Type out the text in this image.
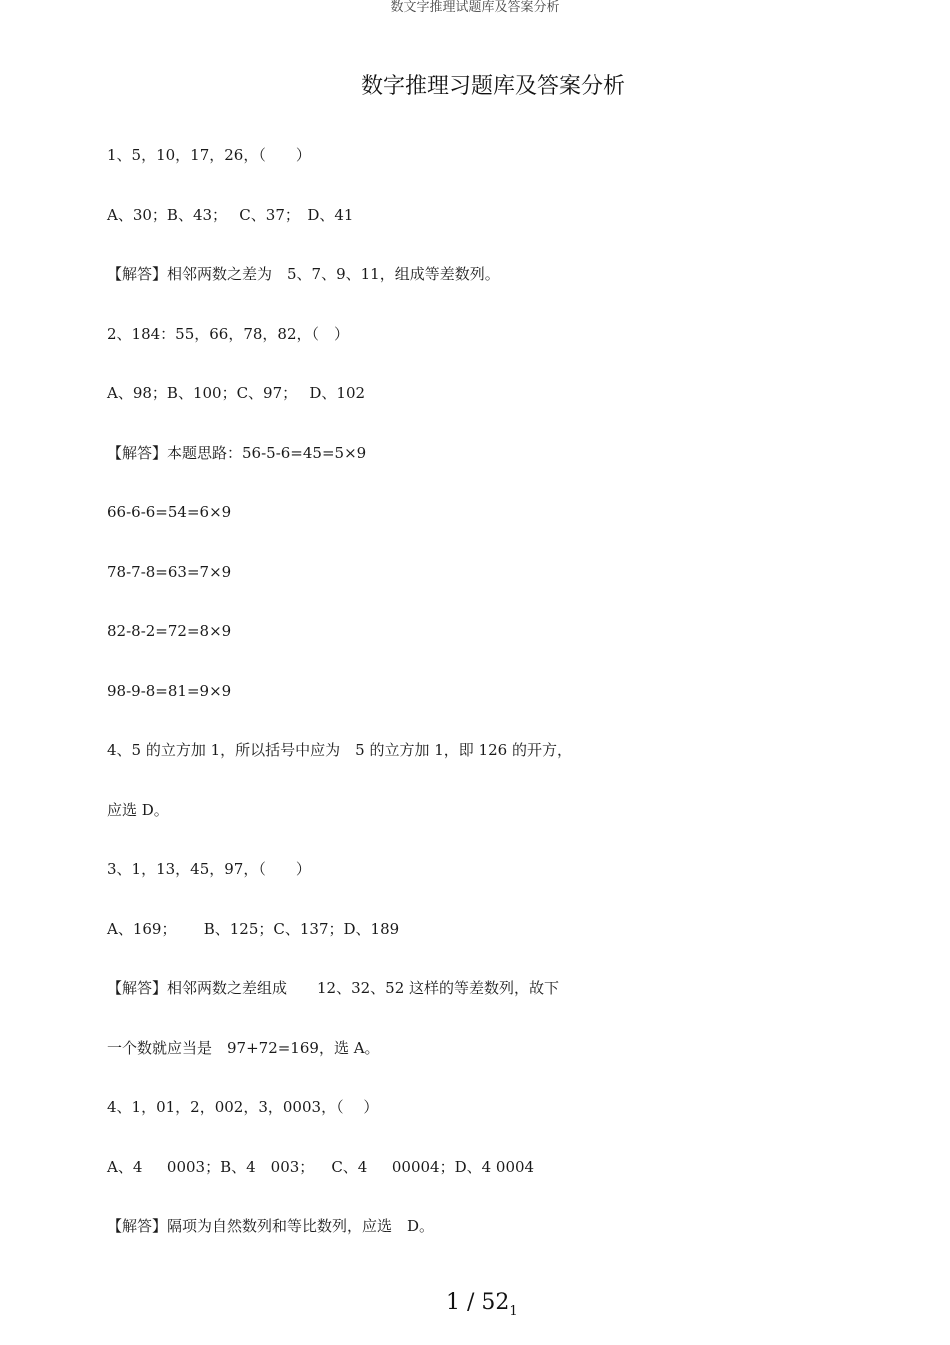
数文字推理试题库及答案分析
数字推理习题库及答案分析
1、5，10，17，26，（　　）
A、30；B、43；　 C、37；　D、41
【解答】相邻两数之差为　5、7、9、11，组成等差数列。
2、184：55，66，78，82，（　）
A、98；B、100；C、97；　 D、102
【解答】本题思路：56-5-6=45=5×9
66-6-6=54=6×9
78-7-8=63=7×9
82-8-2=72=8×9
98-9-8=81=9×9
4、5 的立方加 1，所以括号中应为　5 的立方加 1，即 126 的开方，
应选 D。
3、1，13，45，97，（　　）
A、169；　　 B、125；C、137；D、189
【解答】相邻两数之差组成　　12、32、52 这样的等差数列，故下
一个数就应当是　97+72=169，选 A。
4、1，01，2，002，3，0003，（　 ）
A、4　  0003；B、4　003；　  C、4　  00004；D、4 0004
【解答】隔项为自然数列和等比数列，应选　D。
$1 / 52_1$
